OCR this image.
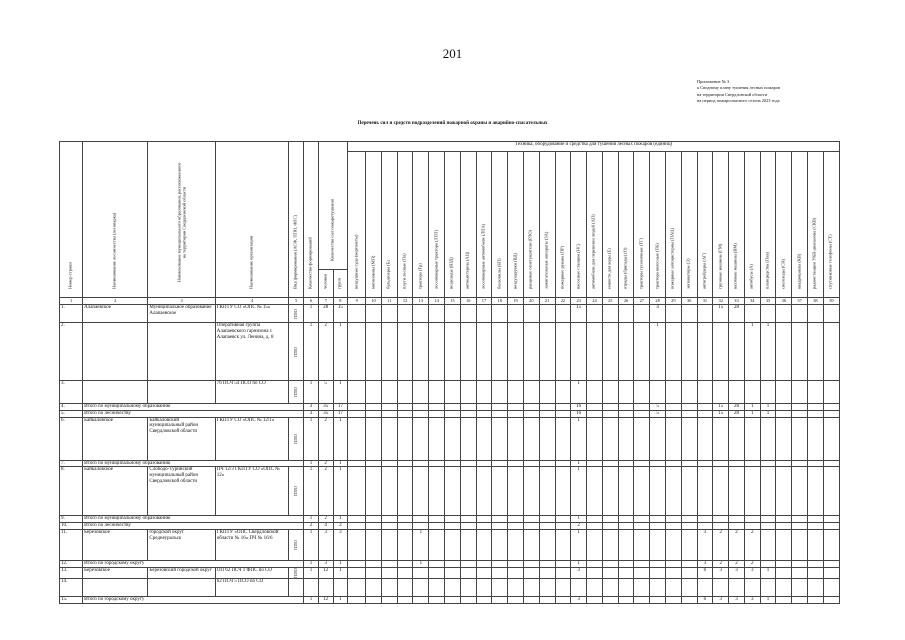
201
Приложение № 3
к Сводному плану тушения лесных пожаров
на территории Свердловской области
на период пожароопасного сезона 2023 года
Перечень сил и средств подразделений пожарной охраны и аварийно-спасательных
Номер строки	Наименование лесничества (лесопарка)	Наименование муниципального образования, расположенного на территории Свердловской области	Наименование организации	Вид формирования (АСФ, ППО, ФЛС)	Количество формирований	Количество сил пожаротушения		Техника, оборудование и средства для тушения лесных пожаров (единиц)																														

								воздушные суда (вертолеты)	мотопомпы (МП)	бульдозеры (Б)	плуги лесные (Пл)	трактора (Тр)	лесопожарные трактора (ЛПТ)	вездеходы (ВЗД)	автоцистерны (АЦ)	лесопожарные автомобили (ЛПА)	бензопилы (БП)	воздуходувки (ВД)	ранцевые огнетушители (РЛО)	зажигательные аппараты (ЗА)	пожарные рукава (ПР)	насосные станции (НС)	автомобили для перевозки людей (АП)	емкости для воды (Е)	отряды (бригады) (О)	тракторы гусеничные (ТГ)	трактора колесные (ТК)	пожарные автоцистерны (ПАЦ)	экскаваторы (Э)	автогрейдеры (АГ)	грузовые машины (ГМ)	вахтовые машины (ВМ)	автобусы (А)	плавсредства (Плв)	снегоходы (СН)	квадроциклы (КВ)	радиостанции УКВ-диапазона (СКВ)	спутниковые телефоны (СТ)

						человек	групп																															

1	2	3	4	5	6	7	8	9	10	11	12	13	14	15	16	17	18	19	20	21	22	23	24	25	26	27	28	29	30	31	32	33	34	35	36	37	38	39
1.	Алапаевское	Муниципальное образование Алапаевское	ГКПТУ СО «ОПС № 15»	ППО	1	28	15															15					4				15	28						
2.			Оперативная группа Алапаевского гарнизона г. Алапаевск ул. Ленина, д. 8	ППО	1	2	1																				1						1	1				
3.			76 ПСЧ 54 ПСО по СО	ППО	1	5	1															1																
4.	Итого по муниципальному образованию				3	35	17															16					5				15	28	1	1				
5.	Итого по лесничеству				3	35	17															16					5				15	28	1	1				
6.	Байкаловское	Байкаловский муниципальный район Свердловской области	ГКПТУ СО «ОПС № 12/1»	ППО	1	2	1															1																
7.	Итого по муниципальному образованию				1	2	1															1																
8.	Байкаловское	Слободо-Туринский муниципальный район Свердловской области	ПЧ 12/3 ГКПТУ СО «ОПС № 12»	ППО	1	2	1															1																
9.	Итого по муниципальному образованию				1	2	1															1																
10.	Итого по лесничеству				2	4	2															2																
11.	Березовское	городской округ Среднеуральск	ГКПТУ «ОПС Свердловской области № 16» ПЧ № 16/6	ППО	1	3	3					1										1								3	2	2	2					
12.	Итого по городскому округу				1	3	1					1										1								3	2	2	2					
13.	Березовское	Березовский городской округ	ОП 62 ПСЧ 1 ФПС по СО	ППО	1	12	1															3								6	3	3	3	1				
14.			62 ПСЧ 5 ПСО по СО																																			
15.	Итого по городскому округу				1	12	1															3								6	3	3	3	1				
